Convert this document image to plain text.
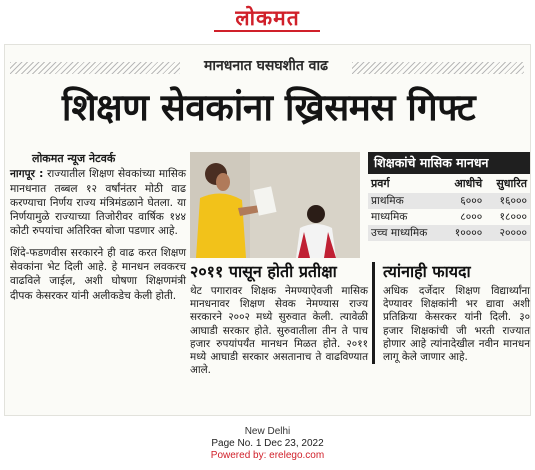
लोकमत
मानधनात घसघशीत वाढ
शिक्षण सेवकांना ख्रिसमस गिफ्ट
लोकमत न्यूज नेटवर्क

नागपूर : राज्यातील शिक्षण सेवकांच्या मासिक मानधनात तब्बल १२ वर्षांनंतर मोठी वाढ करण्याचा निर्णय राज्य मंत्रिमंडळाने घेतला. या निर्णयामुळे राज्याच्या तिजोरीवर वार्षिक १४४ कोटी रुपयांचा अतिरिक्त बोजा पडणार आहे.

शिंदे-फडणवीस सरकारने ही वाढ करत शिक्षण सेवकांना भेट दिली आहे. हे मानधन लवकरच वाढविले जाईल, अशी घोषणा शिक्षणमंत्री दीपक केसरकर यांनी अलीकडेच केली होती.

शिक्षकांचे मासिक मानधन
प्रवर्ग	आधीचे	सुधारित
प्राथमिक	६०००	१६०००
माध्यमिक	८०००	१८०००
उच्च माध्यमिक	१००००	२००००
२०११ पासून होती प्रतीक्षा

थेट पगारावर शिक्षक नेमण्याऐवजी मासिक मानधनावर शिक्षण सेवक नेमण्यास राज्य सरकारने २००२ मध्ये सुरुवात केली. त्यावेळी आघाडी सरकार होते. सुरुवातीला तीन ते पाच हजार रुपयांपर्यंत मानधन मिळत होते. २०११ मध्ये आघाडी सरकार असतानाच ते वाढविण्यात आले.

त्यांनाही फायदा

अधिक दर्जेदार शिक्षण विद्यार्थ्यांना देण्यावर शिक्षकांनी भर द्यावा अशी प्रतिक्रिया केसरकर यांनी दिली. ३० हजार शिक्षकांची जी भरती राज्यात होणार आहे त्यांनादेखील नवीन मानधन लागू केले जाणार आहे.

New Delhi
Page No. 1 Dec 23, 2022
Powered by: erelego.com
